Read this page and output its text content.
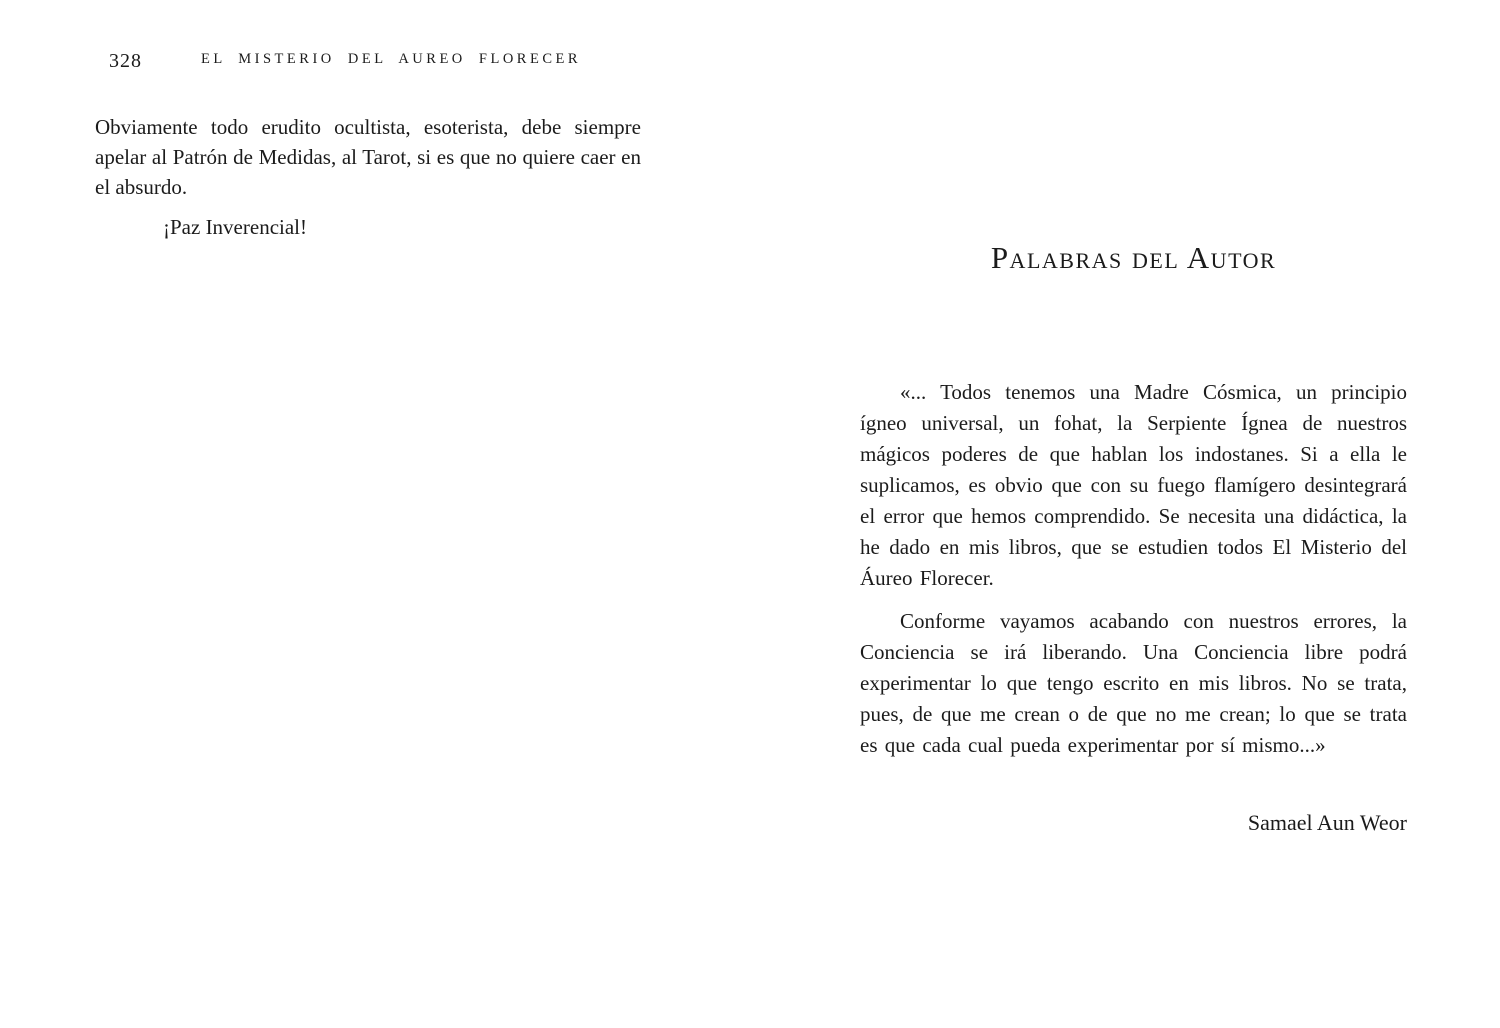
328	EL MISTERIO DEL AUREO FLORECER

Obviamente todo erudito ocultista, esoterista, debe siempre apelar al Patrón de Medidas, al Tarot, si es que no quiere caer en el absurdo.

¡Paz Inverencial!

Palabras del Autor

«... Todos tenemos una Madre Cósmica, un principio ígneo universal, un fohat, la Serpiente Ígnea de nuestros mágicos poderes de que hablan los indostanes. Si a ella le suplicamos, es obvio que con su fuego flamígero desintegrará el error que hemos comprendido. Se necesita una didáctica, la he dado en mis libros, que se estudien todos El Misterio del Áureo Florecer.

Conforme vayamos acabando con nuestros errores, la Conciencia se irá liberando. Una Conciencia libre podrá experimentar lo que tengo escrito en mis libros. No se trata, pues, de que me crean o de que no me crean; lo que se trata es que cada cual pueda experimentar por sí mismo...»

Samael Aun Weor
